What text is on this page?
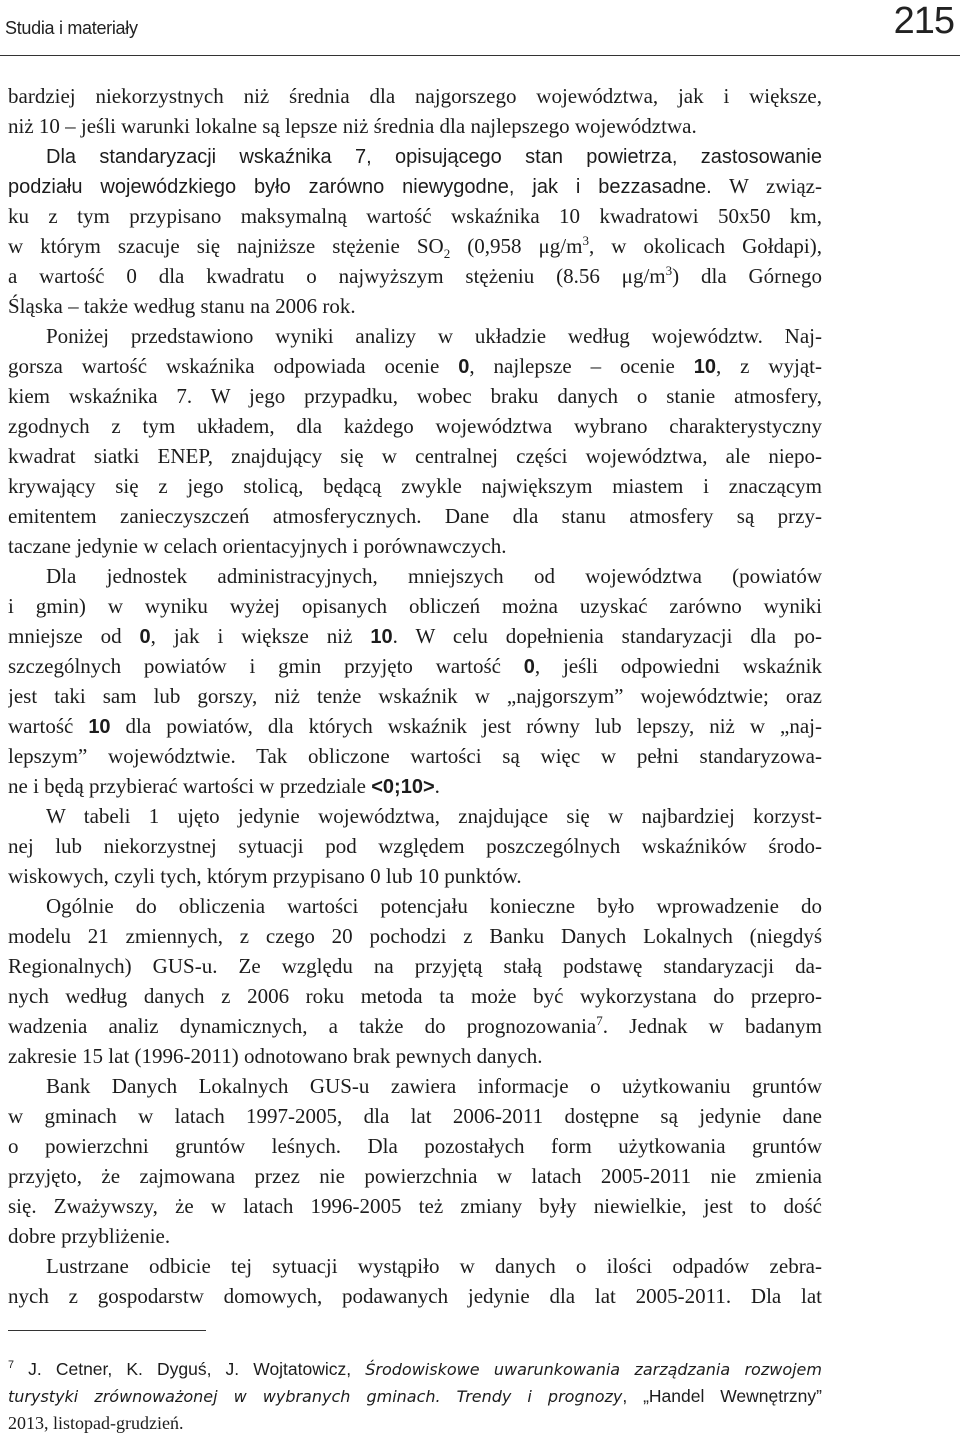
Studia i materiały	215
bardziej niekorzystnych niż średnia dla najgorszego województwa, jak i większe,
niż 10 – jeśli warunki lokalne są lepsze niż średnia dla najlepszego województwa.
Dla standaryzacji wskaźnika 7, opisującego stan powietrza, zastosowanie
podziału wojewódzkiego było zarówno niewygodne, jak i bezzasadne. W związ-
ku z tym przypisano maksymalną wartość wskaźnika 10 kwadratowi 50x50 km,
w którym szacuje się najniższe stężenie $SO_2$ (0,958 $\mu g/m^3$, w okolicach Gołdapi),
a wartość 0 dla kwadratu o najwyższym stężeniu (8.56 $\mu g/m^3$) dla Górnego
Śląska – także według stanu na 2006 rok.
Poniżej przedstawiono wyniki analizy w układzie według województw. Naj-
gorsza wartość wskaźnika odpowiada ocenie 0, najlepsze – ocenie 10, z wyjąt-
kiem wskaźnika 7. W jego przypadku, wobec braku danych o stanie atmosfery,
zgodnych z tym układem, dla każdego województwa wybrano charakterystyczny
kwadrat siatki ENEP, znajdujący się w centralnej części województwa, ale niepo-
krywający się z jego stolicą, będącą zwykle największym miastem i znaczącym
emitentem zanieczyszczeń atmosferycznych. Dane dla stanu atmosfery są przy-
taczane jedynie w celach orientacyjnych i porównawczych.
Dla jednostek administracyjnych, mniejszych od województwa (powiatów
i gmin) w wyniku wyżej opisanych obliczeń można uzyskać zarówno wyniki
mniejsze od 0, jak i większe niż 10. W celu dopełnienia standaryzacji dla po-
szczególnych powiatów i gmin przyjęto wartość 0, jeśli odpowiedni wskaźnik
jest taki sam lub gorszy, niż tenże wskaźnik w „najgorszym” województwie; oraz
wartość 10 dla powiatów, dla których wskaźnik jest równy lub lepszy, niż w „naj-
lepszym” województwie. Tak obliczone wartości są więc w pełni standaryzowa-
ne i będą przybierać wartości w przedziale <0;10>.
W tabeli 1 ujęto jedynie województwa, znajdujące się w najbardziej korzyst-
nej lub niekorzystnej sytuacji pod względem poszczególnych wskaźników środo-
wiskowych, czyli tych, którym przypisano 0 lub 10 punktów.
Ogólnie do obliczenia wartości potencjału konieczne było wprowadzenie do
modelu 21 zmiennych, z czego 20 pochodzi z Banku Danych Lokalnych (niegdyś
Regionalnych) GUS-u. Ze względu na przyjętą stałą podstawę standaryzacji da-
nych według danych z 2006 roku metoda ta może być wykorzystana do przepro-
wadzenia analiz dynamicznych, a także do prognozowania$^7$. Jednak w badanym
zakresie 15 lat (1996-2011) odnotowano brak pewnych danych.
Bank Danych Lokalnych GUS-u zawiera informacje o użytkowaniu gruntów
w gminach w latach 1997-2005, dla lat 2006-2011 dostępne są jedynie dane
o powierzchni gruntów leśnych. Dla pozostałych form użytkowania gruntów
przyjęto, że zajmowana przez nie powierzchnia w latach 2005-2011 nie zmienia
się. Zważywszy, że w latach 1996-2005 też zmiany były niewielkie, jest to dość
dobre przybliżenie.
Lustrzane odbicie tej sytuacji wystąpiło w danych o ilości odpadów zebra-
nych z gospodarstw domowych, podawanych jedynie dla lat 2005-2011. Dla lat
$^7$ J. Cetner, K. Dyguś, J. Wojtatowicz, Środowiskowe uwarunkowania zarządzania rozwojem
turystyki zrównoważonej w wybranych gminach. Trendy i prognozy, „Handel Wewnętrzny”
2013, listopad-grudzień.
